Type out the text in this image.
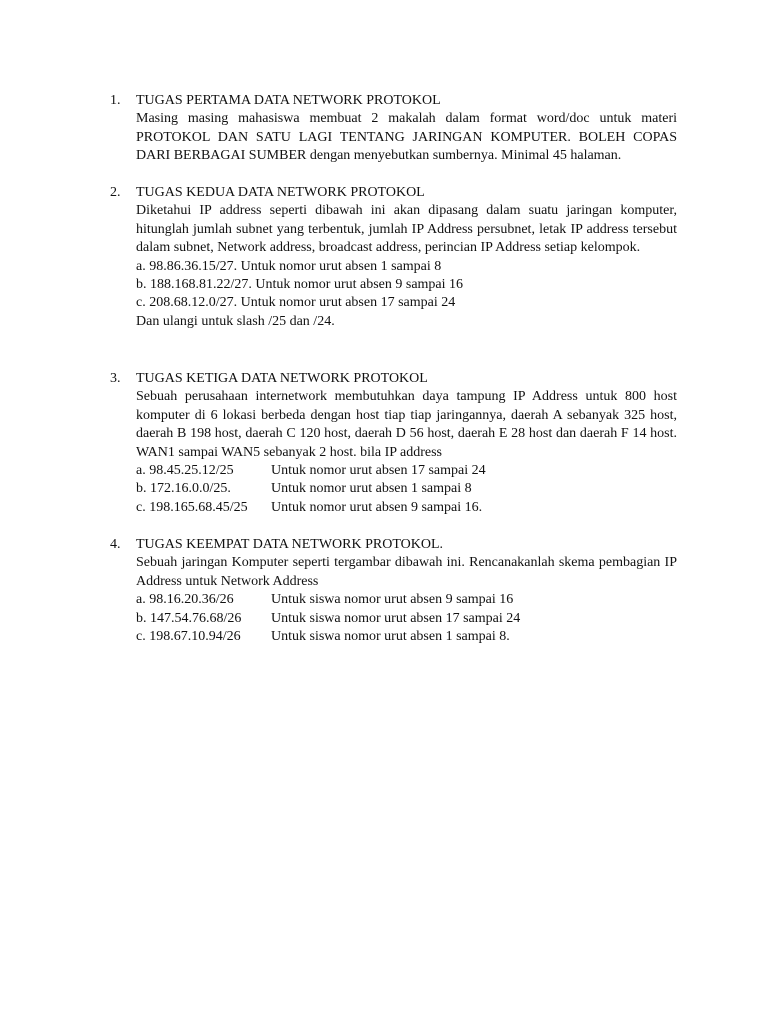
1.	TUGAS PERTAMA DATA NETWORK PROTOKOL
Masing masing mahasiswa membuat 2 makalah dalam format word/doc untuk materi PROTOKOL DAN SATU LAGI TENTANG JARINGAN KOMPUTER. BOLEH COPAS DARI BERBAGAI SUMBER dengan menyebutkan sumbernya. Minimal 45 halaman.
2.	TUGAS KEDUA DATA NETWORK PROTOKOL
Diketahui IP address seperti dibawah ini akan dipasang dalam suatu jaringan komputer, hitunglah jumlah subnet yang terbentuk, jumlah IP Address persubnet, letak IP address tersebut dalam subnet, Network address, broadcast address, perincian IP Address setiap kelompok.
a. 98.86.36.15/27. Untuk nomor urut absen 1 sampai 8
b. 188.168.81.22/27. Untuk nomor urut absen 9 sampai 16
c. 208.68.12.0/27. Untuk nomor urut absen 17 sampai 24
Dan ulangi untuk slash /25 dan /24.
3.	TUGAS KETIGA DATA NETWORK PROTOKOL
Sebuah perusahaan internetwork membutuhkan daya tampung IP Address untuk 800 host komputer di 6 lokasi berbeda dengan host tiap tiap jaringannya, daerah A sebanyak 325 host, daerah B 198 host, daerah C 120 host, daerah D 56 host, daerah E 28 host dan daerah F 14 host. WAN1 sampai WAN5 sebanyak 2 host. bila IP address
a. 98.45.25.12/25	Untuk nomor urut absen 17 sampai 24
b. 172.16.0.0/25.	Untuk nomor urut absen 1 sampai 8
c. 198.165.68.45/25 Untuk nomor urut absen 9 sampai 16.
4.	TUGAS KEEMPAT DATA NETWORK PROTOKOL.
Sebuah jaringan Komputer seperti tergambar dibawah ini. Rencanakanlah skema pembagian IP Address untuk Network Address
a. 98.16.20.36/26	Untuk siswa nomor urut absen 9 sampai 16
b. 147.54.76.68/26 Untuk siswa nomor urut absen 17 sampai 24
c. 198.67.10.94/26 Untuk siswa nomor urut absen 1 sampai 8.
